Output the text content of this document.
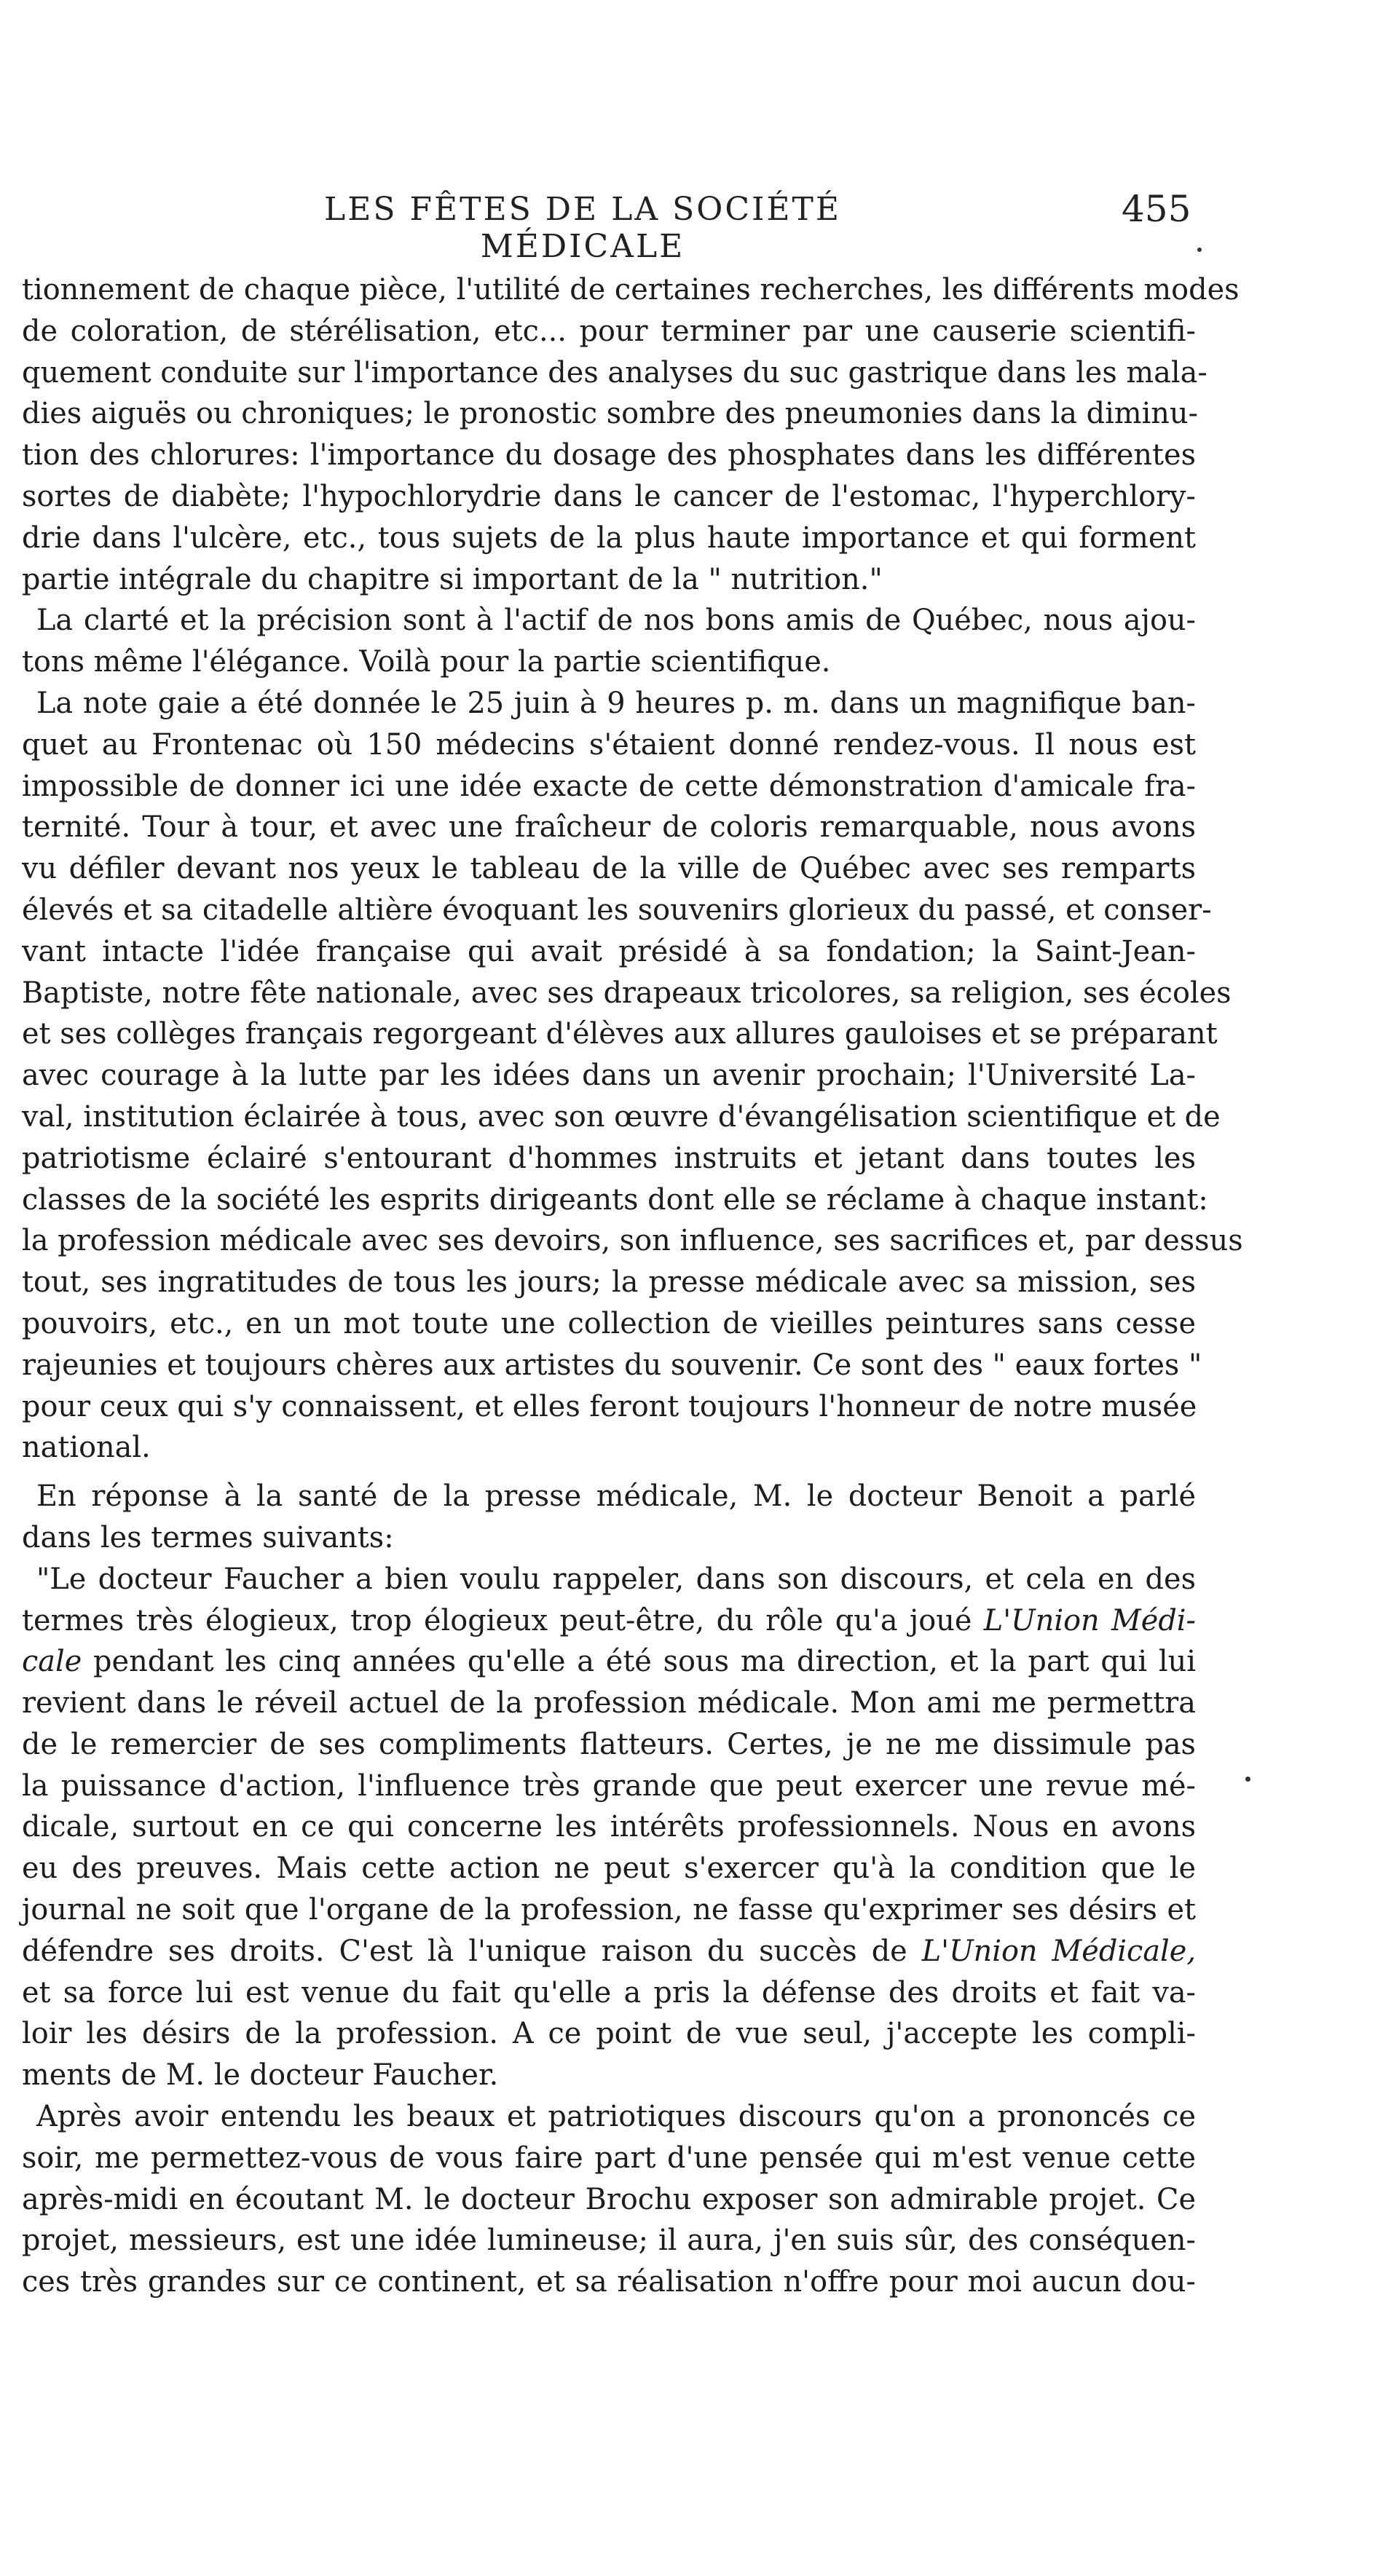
LES FÊTES DE LA SOCIÉTÉ MÉDICALE
455

tionnement de chaque pièce, l'utilité de certaines recherches, les différents modes
de coloration, de stérélisation, etc... pour terminer par une causerie scientifi-
quement conduite sur l'importance des analyses du suc gastrique dans les mala-
dies aiguës ou chroniques; le pronostic sombre des pneumonies dans la diminu-
tion des chlorures: l'importance du dosage des phosphates dans les différentes
sortes de diabète; l'hypochlorydrie dans le cancer de l'estomac, l'hyperchlory-
drie dans l'ulcère, etc., tous sujets de la plus haute importance et qui forment
partie intégrale du chapitre si important de la " nutrition."

La clarté et la précision sont à l'actif de nos bons amis de Québec, nous ajou-
tons même l'élégance. Voilà pour la partie scientifique.

La note gaie a été donnée le 25 juin à 9 heures p. m. dans un magnifique ban-
quet au Frontenac où 150 médecins s'étaient donné rendez-vous. Il nous est
impossible de donner ici une idée exacte de cette démonstration d'amicale fra-
ternité. Tour à tour, et avec une fraîcheur de coloris remarquable, nous avons
vu défiler devant nos yeux le tableau de la ville de Québec avec ses remparts
élevés et sa citadelle altière évoquant les souvenirs glorieux du passé, et conser-
vant intacte l'idée française qui avait présidé à sa fondation; la Saint-Jean-
Baptiste, notre fête nationale, avec ses drapeaux tricolores, sa religion, ses écoles
et ses collèges français regorgeant d'élèves aux allures gauloises et se préparant
avec courage à la lutte par les idées dans un avenir prochain; l'Université La-
val, institution éclairée à tous, avec son œuvre d'évangélisation scientifique et de
patriotisme éclairé s'entourant d'hommes instruits et jetant dans toutes les
classes de la société les esprits dirigeants dont elle se réclame à chaque instant:
la profession médicale avec ses devoirs, son influence, ses sacrifices et, par dessus
tout, ses ingratitudes de tous les jours; la presse médicale avec sa mission, ses
pouvoirs, etc., en un mot toute une collection de vieilles peintures sans cesse
rajeunies et toujours chères aux artistes du souvenir. Ce sont des " eaux fortes "
pour ceux qui s'y connaissent, et elles feront toujours l'honneur de notre musée
national.

En réponse à la santé de la presse médicale, M. le docteur Benoit a parlé
dans les termes suivants:

"Le docteur Faucher a bien voulu rappeler, dans son discours, et cela en des
termes très élogieux, trop élogieux peut-être, du rôle qu'a joué L'Union Médi-
cale pendant les cinq années qu'elle a été sous ma direction, et la part qui lui
revient dans le réveil actuel de la profession médicale. Mon ami me permettra
de le remercier de ses compliments flatteurs. Certes, je ne me dissimule pas
la puissance d'action, l'influence très grande que peut exercer une revue mé-
dicale, surtout en ce qui concerne les intérêts professionnels. Nous en avons
eu des preuves. Mais cette action ne peut s'exercer qu'à la condition que le
journal ne soit que l'organe de la profession, ne fasse qu'exprimer ses désirs et
défendre ses droits. C'est là l'unique raison du succès de L'Union Médicale,
et sa force lui est venue du fait qu'elle a pris la défense des droits et fait va-
loir les désirs de la profession. A ce point de vue seul, j'accepte les compli-
ments de M. le docteur Faucher.

Après avoir entendu les beaux et patriotiques discours qu'on a prononcés ce
soir, me permettez-vous de vous faire part d'une pensée qui m'est venue cette
après-midi en écoutant M. le docteur Brochu exposer son admirable projet. Ce
projet, messieurs, est une idée lumineuse; il aura, j'en suis sûr, des conséquen-
ces très grandes sur ce continent, et sa réalisation n'offre pour moi aucun dou-
